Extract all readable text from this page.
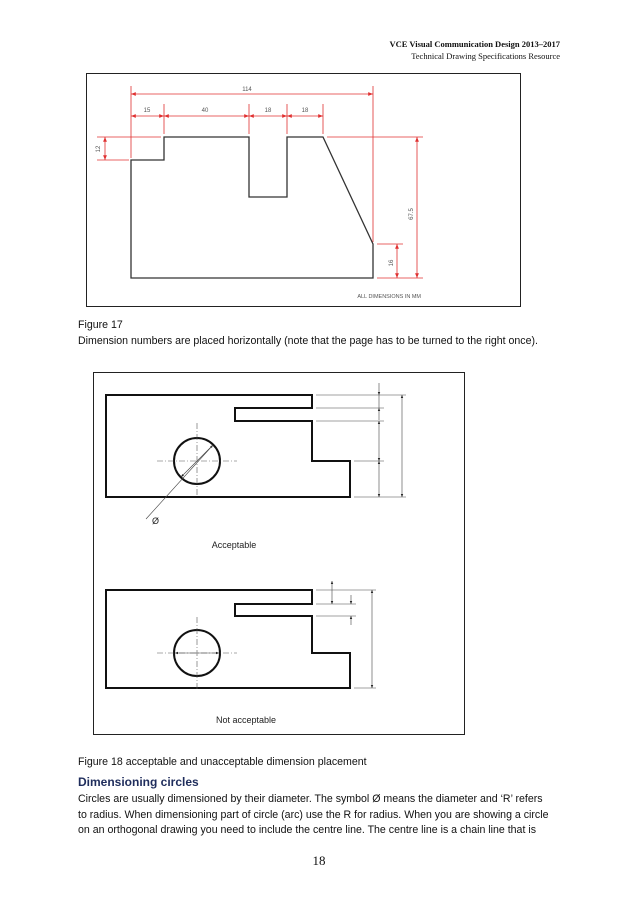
VCE Visual Communication Design 2013–2017
Technical Drawing Specifications Resource
114
15	40	18	18
12
67.5
16
ALL DIMENSIONS IN MM
Figure 17
Dimension numbers are placed horizontally (note that the page has to be turned to the right once).
Ø
Acceptable
Not acceptable
Figure 18 acceptable and unacceptable dimension placement
Dimensioning circles
Circles are usually dimensioned by their diameter. The symbol Ø means the diameter and ‘R’ refers
to radius. When dimensioning part of circle (arc) use the R for radius. When you are showing a circle
on an orthogonal drawing you need to include the centre line. The centre line is a chain line that is
18
